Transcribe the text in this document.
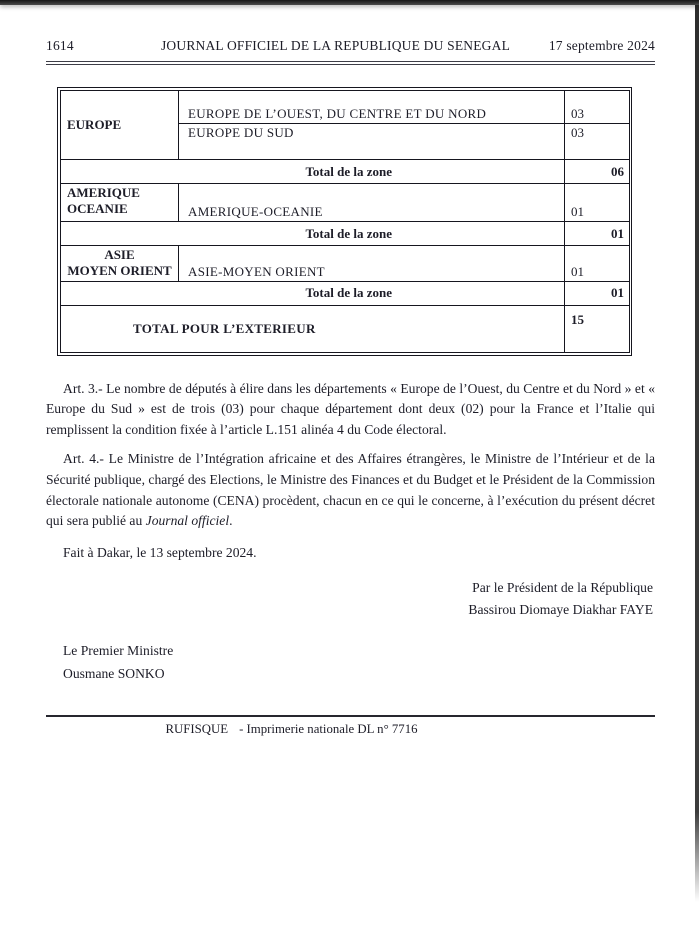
1614	JOURNAL OFFICIEL DE LA REPUBLIQUE DU SENEGAL	17 septembre 2024
EUROPE	EUROPE DE L’OUEST, DU CENTRE ET DU NORD	03
	EUROPE DU SUD	03
Total de la zone		06

AMERIQUE
OCEANIE	AMERIQUE-OCEANIE	01
Total de la zone		01

ASIE
MOYEN ORIENT	ASIE-MOYEN ORIENT	01
Total de la zone		01
TOTAL POUR L’EXTERIEUR		15

Art. 3.- Le nombre de députés à élire dans les départements « Europe de l’Ouest, du Centre et du Nord » et « Europe du Sud » est de trois (03) pour chaque département dont deux (02) pour la France et l’Italie qui remplissent la condition fixée à l’article L.151 alinéa 4 du Code électoral.

Art. 4.- Le Ministre de l’Intégration africaine et des Affaires étrangères, le Ministre de l’Intérieur et de la Sécurité publique, chargé des Elections, le Ministre des Finances et du Budget et le Président de la Commission électorale nationale autonome (CENA) procèdent, chacun en ce qui le concerne, à l’exécution du présent décret qui sera publié au Journal officiel.

Fait à Dakar, le 13 septembre 2024.

Par le Président de la République
Bassirou Diomaye Diakhar FAYE
Le Premier Ministre
Ousmane SONKO
RUFISQUE - Imprimerie nationale DL n° 7716
